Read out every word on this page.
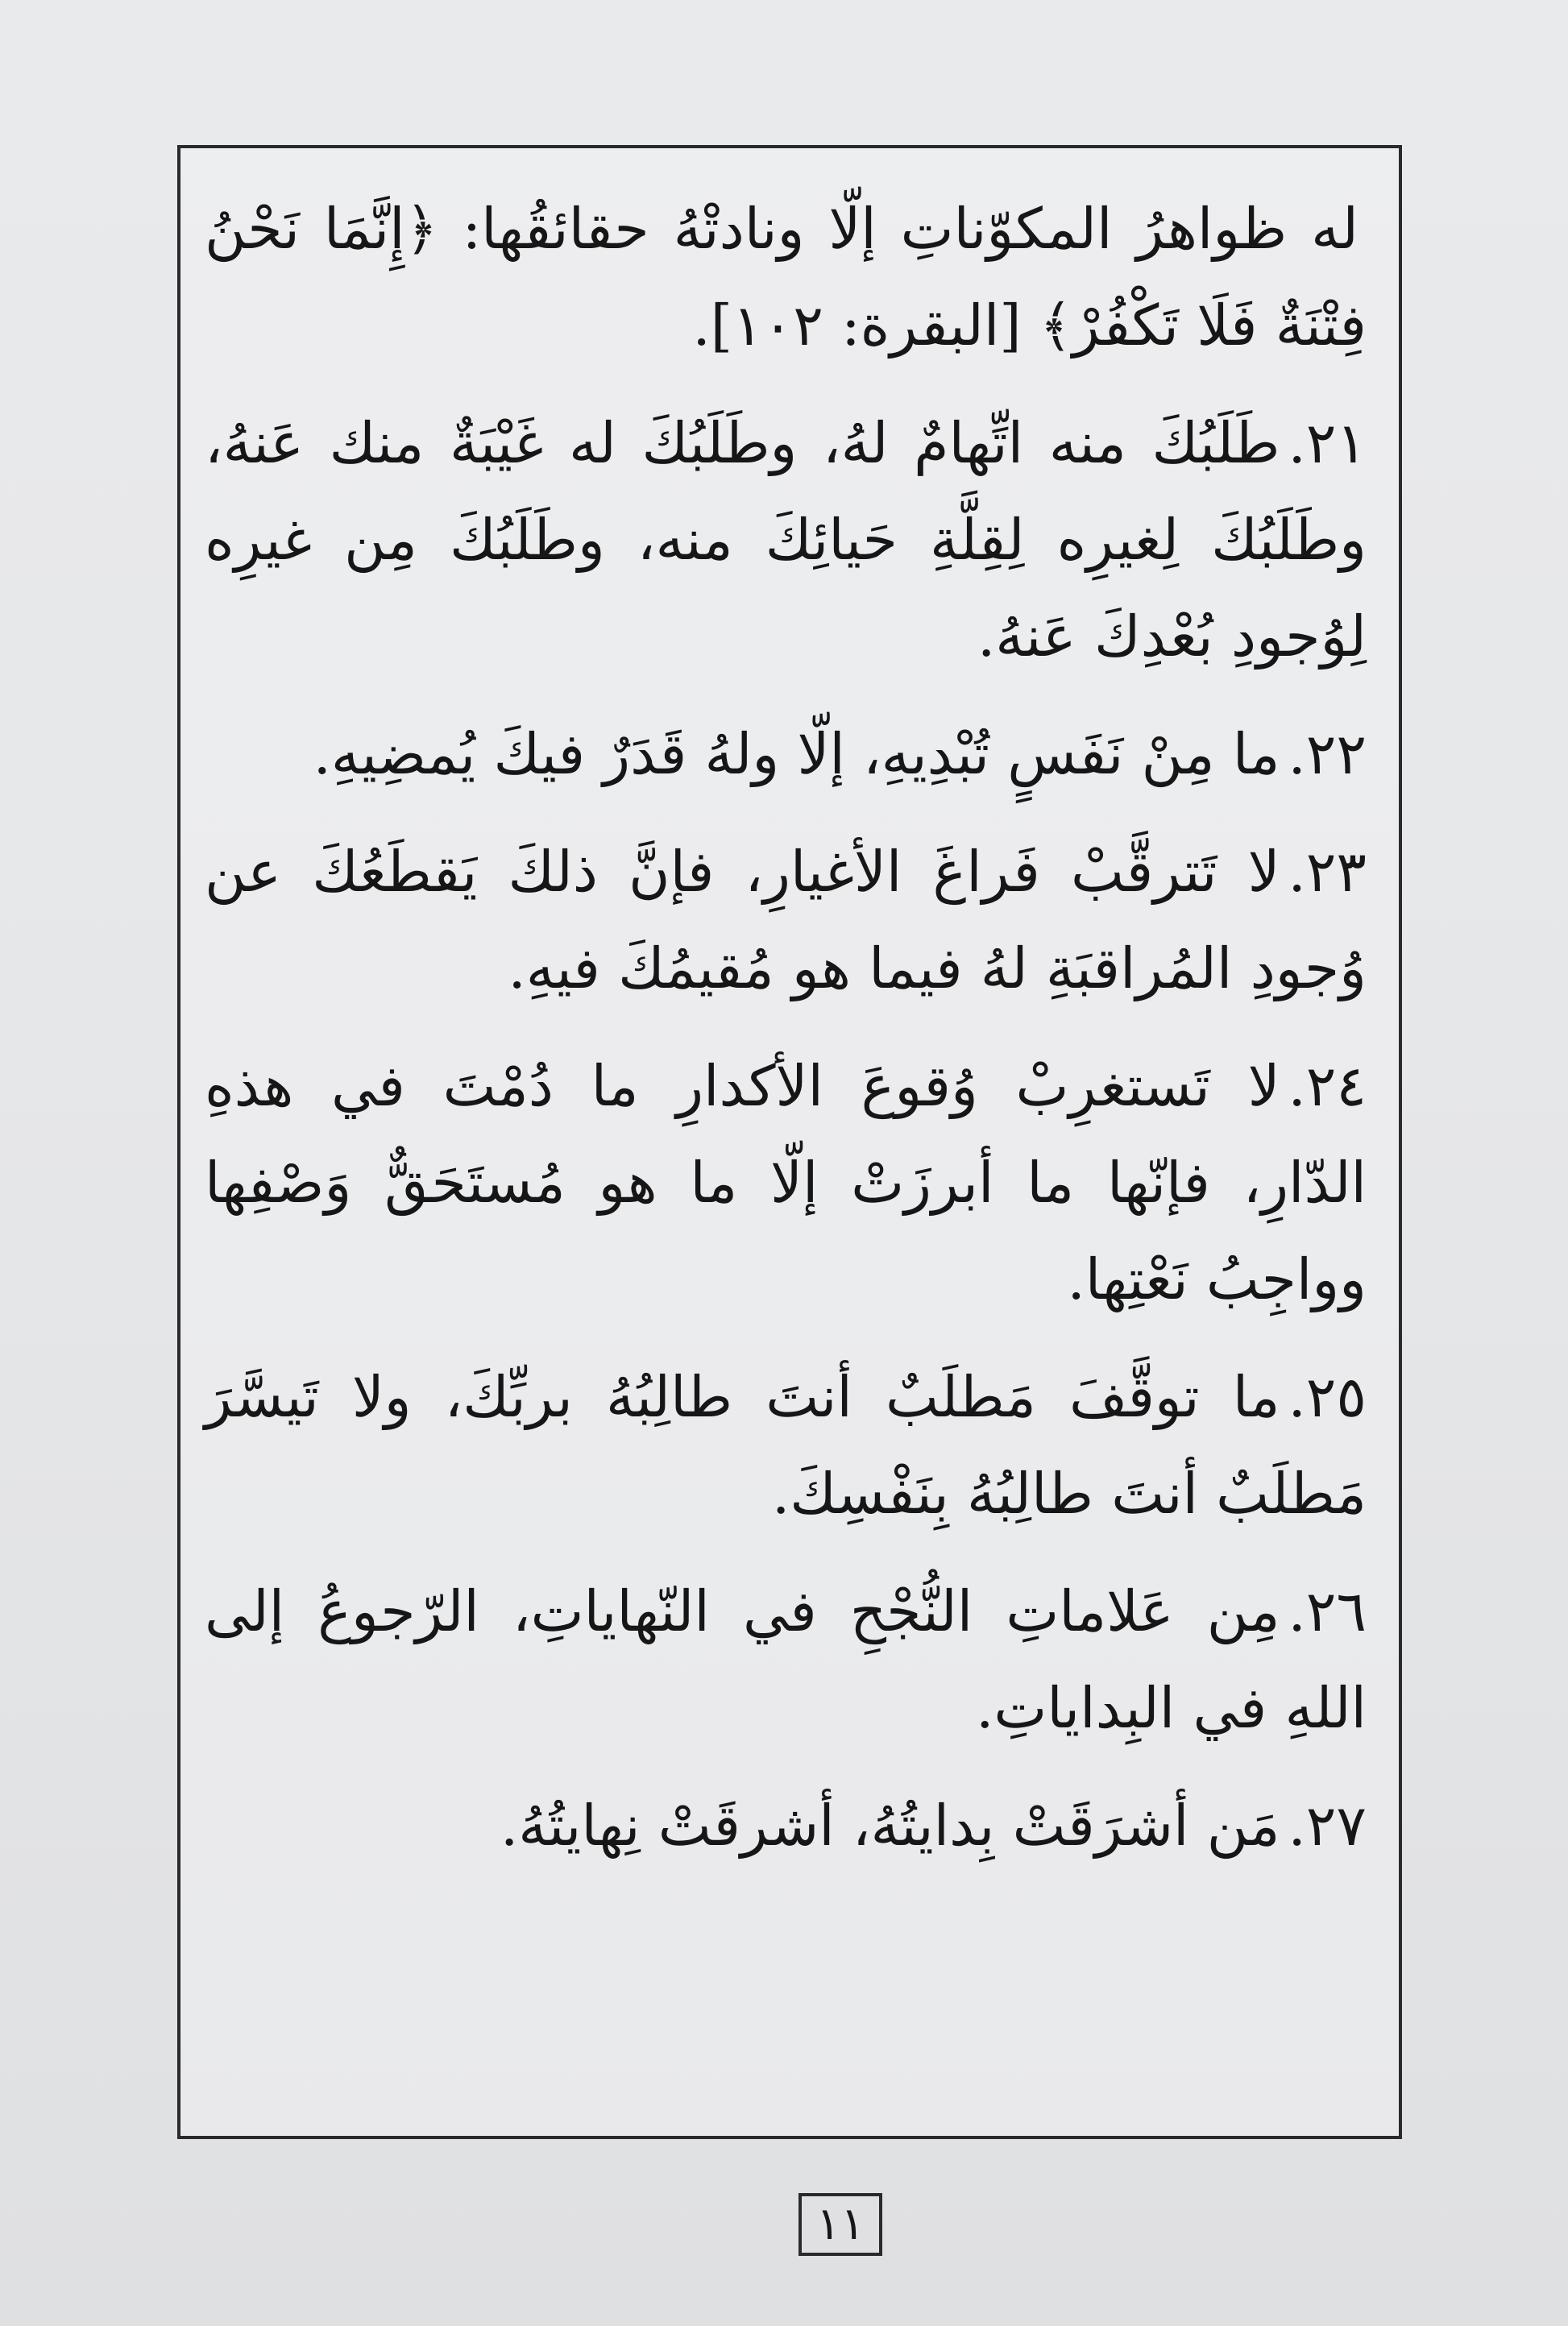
له ظواهرُ المكوّناتِ إلّا ونادتْهُ حقائقُها: ﴿إِنَّمَا نَحْنُ فِتْنَةٌ فَلَا تَكْفُرْ﴾ [البقرة: ١٠٢].

٢١.طَلَبُكَ منه اتِّهامٌ لهُ، وطَلَبُكَ له غَيْبَةٌ منك عَنهُ، وطَلَبُكَ لِغيرِه لِقِلَّةِ حَيائِكَ منه، وطَلَبُكَ مِن غيرِه لِوُجودِ بُعْدِكَ عَنهُ.

٢٢.ما مِنْ نَفَسٍ تُبْدِيهِ، إلّا ولهُ قَدَرٌ فيكَ يُمضِيهِ.

٢٣.لا تَترقَّبْ فَراغَ الأغيارِ، فإنَّ ذلكَ يَقطَعُكَ عن وُجودِ المُراقبَةِ لهُ فيما هو مُقيمُكَ فيهِ.

٢٤.لا تَستغرِبْ وُقوعَ الأكدارِ ما دُمْتَ في هذهِ الدّارِ، فإنّها ما أبرزَتْ إلّا ما هو مُستَحَقٌّ وَصْفِها وواجِبُ نَعْتِها.

٢٥.ما توقَّفَ مَطلَبٌ أنتَ طالِبُهُ بربِّكَ، ولا تَيسَّرَ مَطلَبٌ أنتَ طالِبُهُ بِنَفْسِكَ.

٢٦.مِن عَلاماتِ النُّجْحِ في النّهاياتِ، الرّجوعُ إلى اللهِ في البِداياتِ.

٢٧.مَن أشرَقَتْ بِدايتُهُ، أشرقَتْ نِهايتُهُ.

١١
